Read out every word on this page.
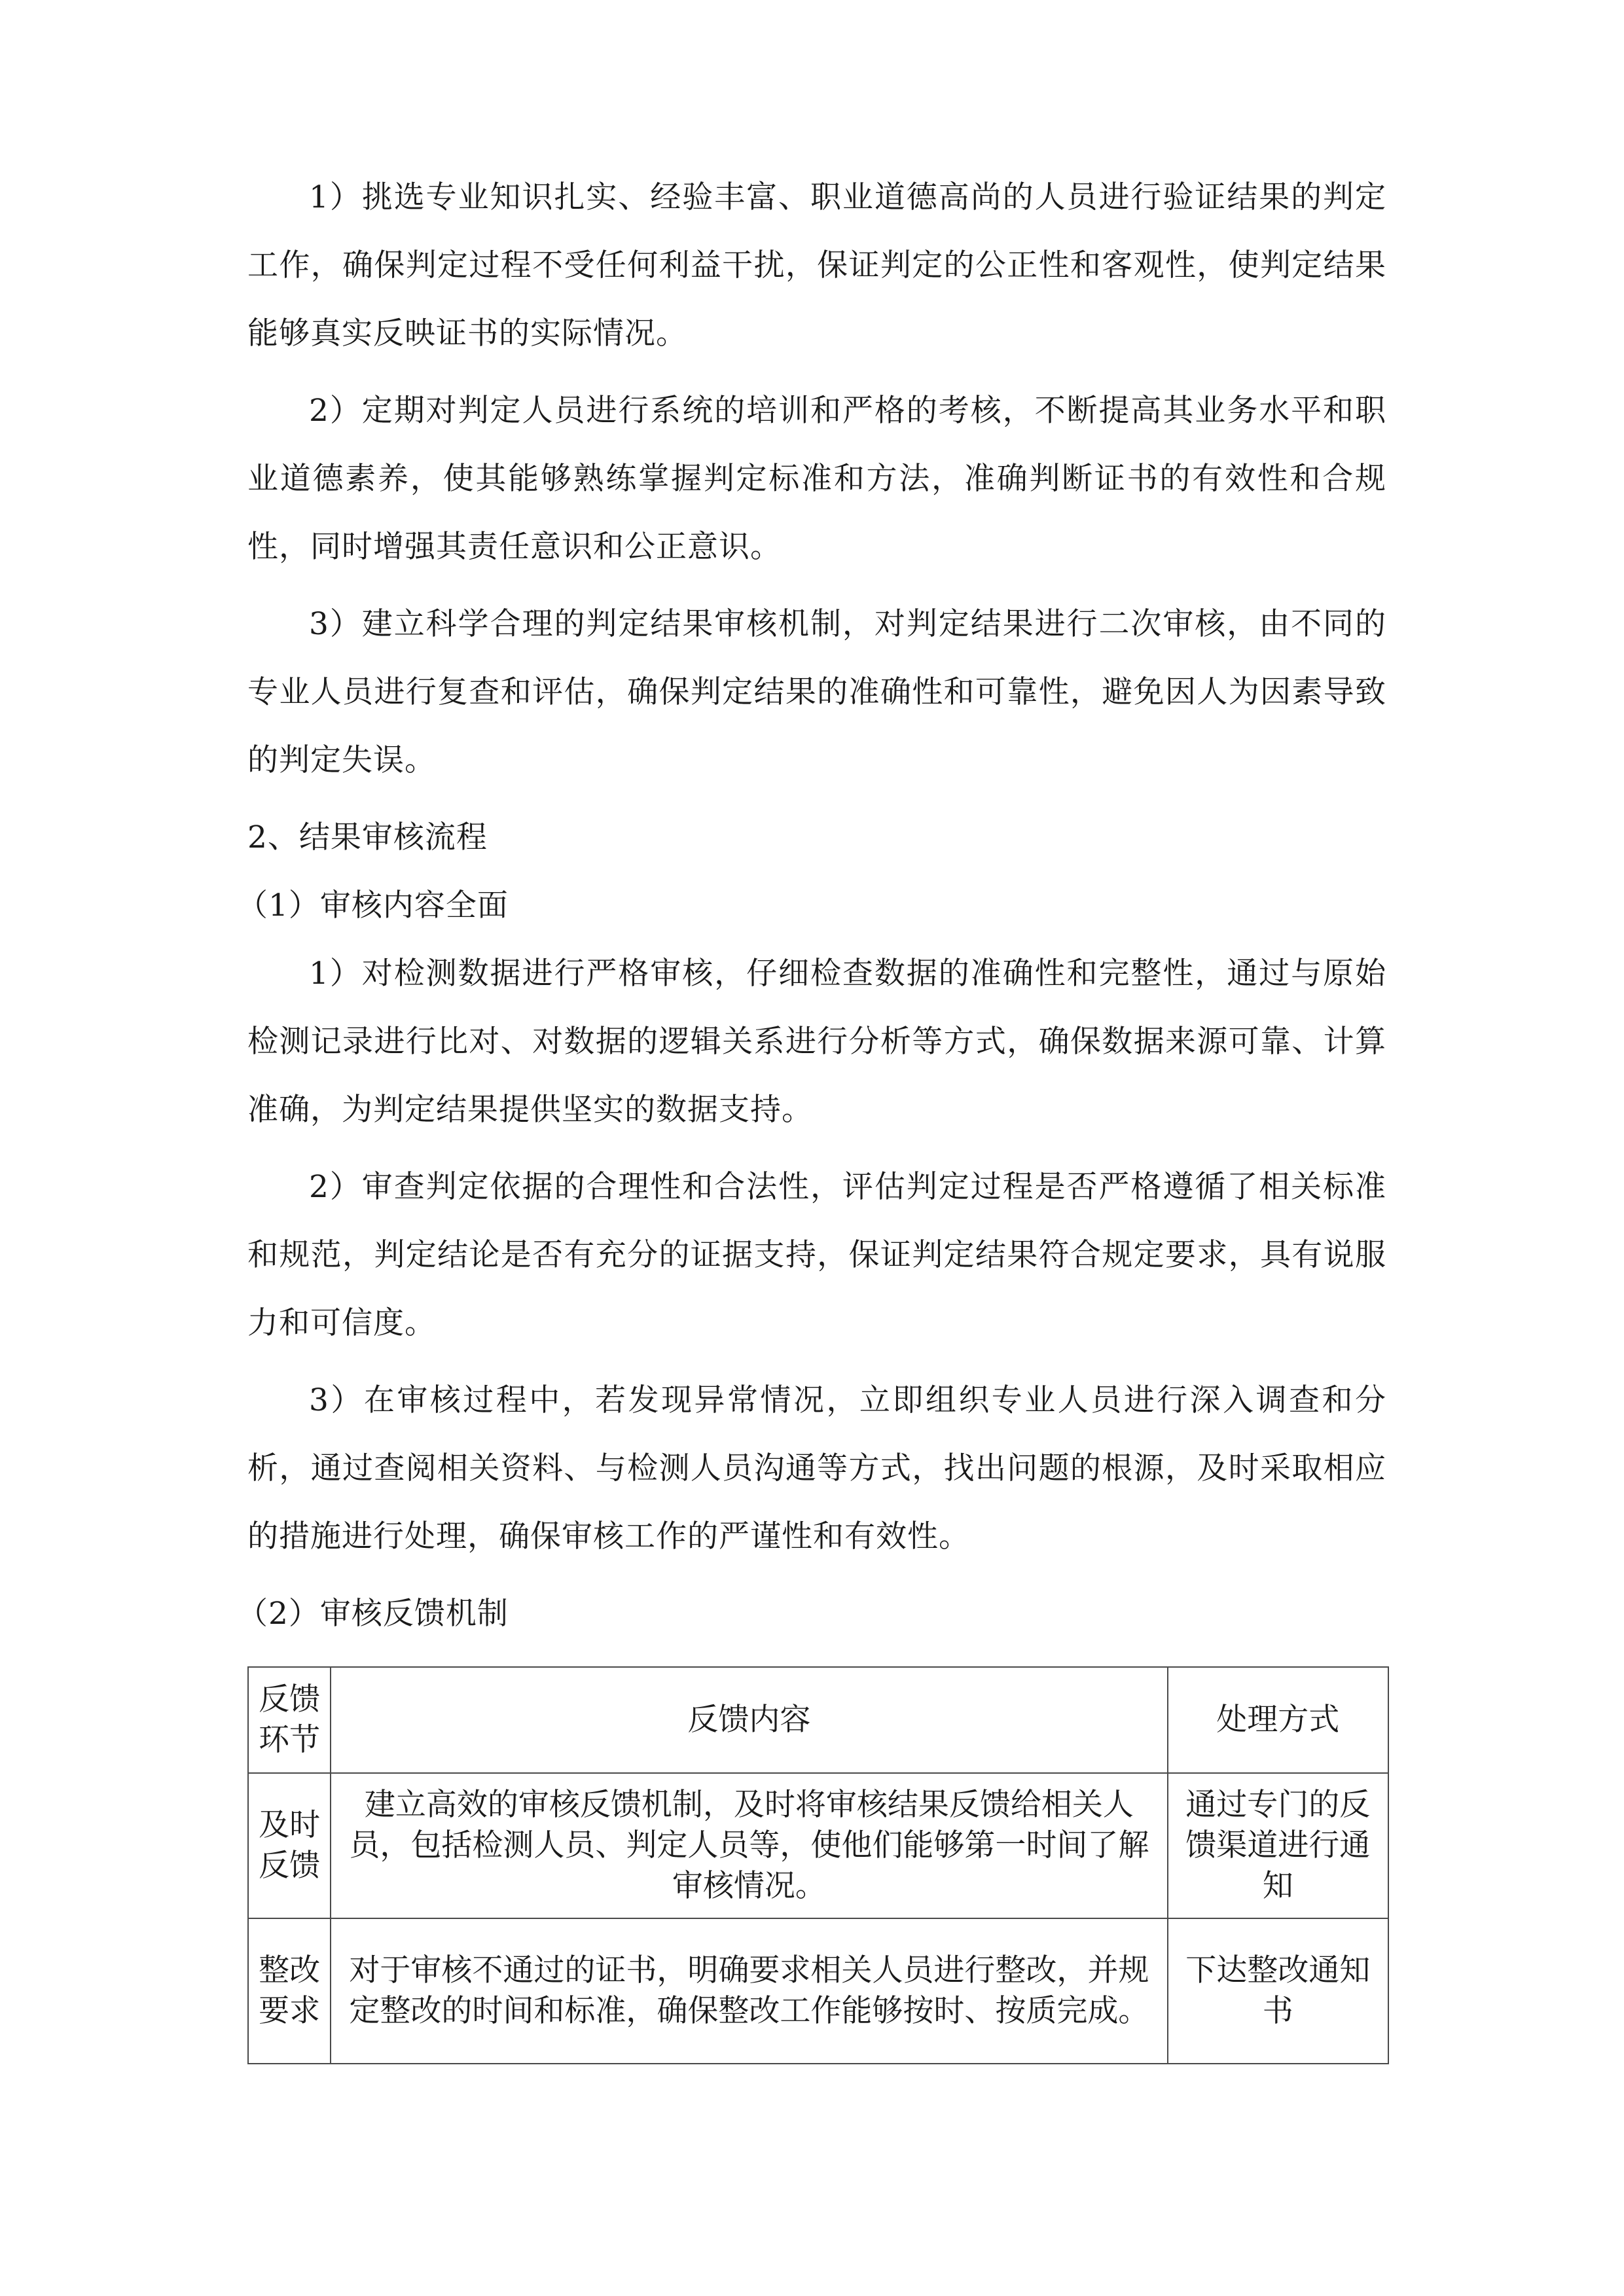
1）挑选专业知识扎实、经验丰富、职业道德高尚的人员进行验证结果的判定工作，确保判定过程不受任何利益干扰，保证判定的公正性和客观性，使判定结果能够真实反映证书的实际情况。

2）定期对判定人员进行系统的培训和严格的考核，不断提高其业务水平和职业道德素养，使其能够熟练掌握判定标准和方法，准确判断证书的有效性和合规性，同时增强其责任意识和公正意识。

3）建立科学合理的判定结果审核机制，对判定结果进行二次审核，由不同的专业人员进行复查和评估，确保判定结果的准确性和可靠性，避免因人为因素导致的判定失误。

2、结果审核流程

（1）审核内容全面

1）对检测数据进行严格审核，仔细检查数据的准确性和完整性，通过与原始检测记录进行比对、对数据的逻辑关系进行分析等方式，确保数据来源可靠、计算准确，为判定结果提供坚实的数据支持。

2）审查判定依据的合理性和合法性，评估判定过程是否严格遵循了相关标准和规范，判定结论是否有充分的证据支持，保证判定结果符合规定要求，具有说服力和可信度。

3）在审核过程中，若发现异常情况，立即组织专业人员进行深入调查和分析，通过查阅相关资料、与检测人员沟通等方式，找出问题的根源，及时采取相应的措施进行处理，确保审核工作的严谨性和有效性。

（2）审核反馈机制

反馈环节	反馈内容	处理方式
及时反馈	建立高效的审核反馈机制，及时将审核结果反馈给相关人员，包括检测人员、判定人员等，使他们能够第一时间了解审核情况。	通过专门的反馈渠道进行通知
整改要求	对于审核不通过的证书，明确要求相关人员进行整改，并规定整改的时间和标准，确保整改工作能够按时、按质完成。	下达整改通知书
